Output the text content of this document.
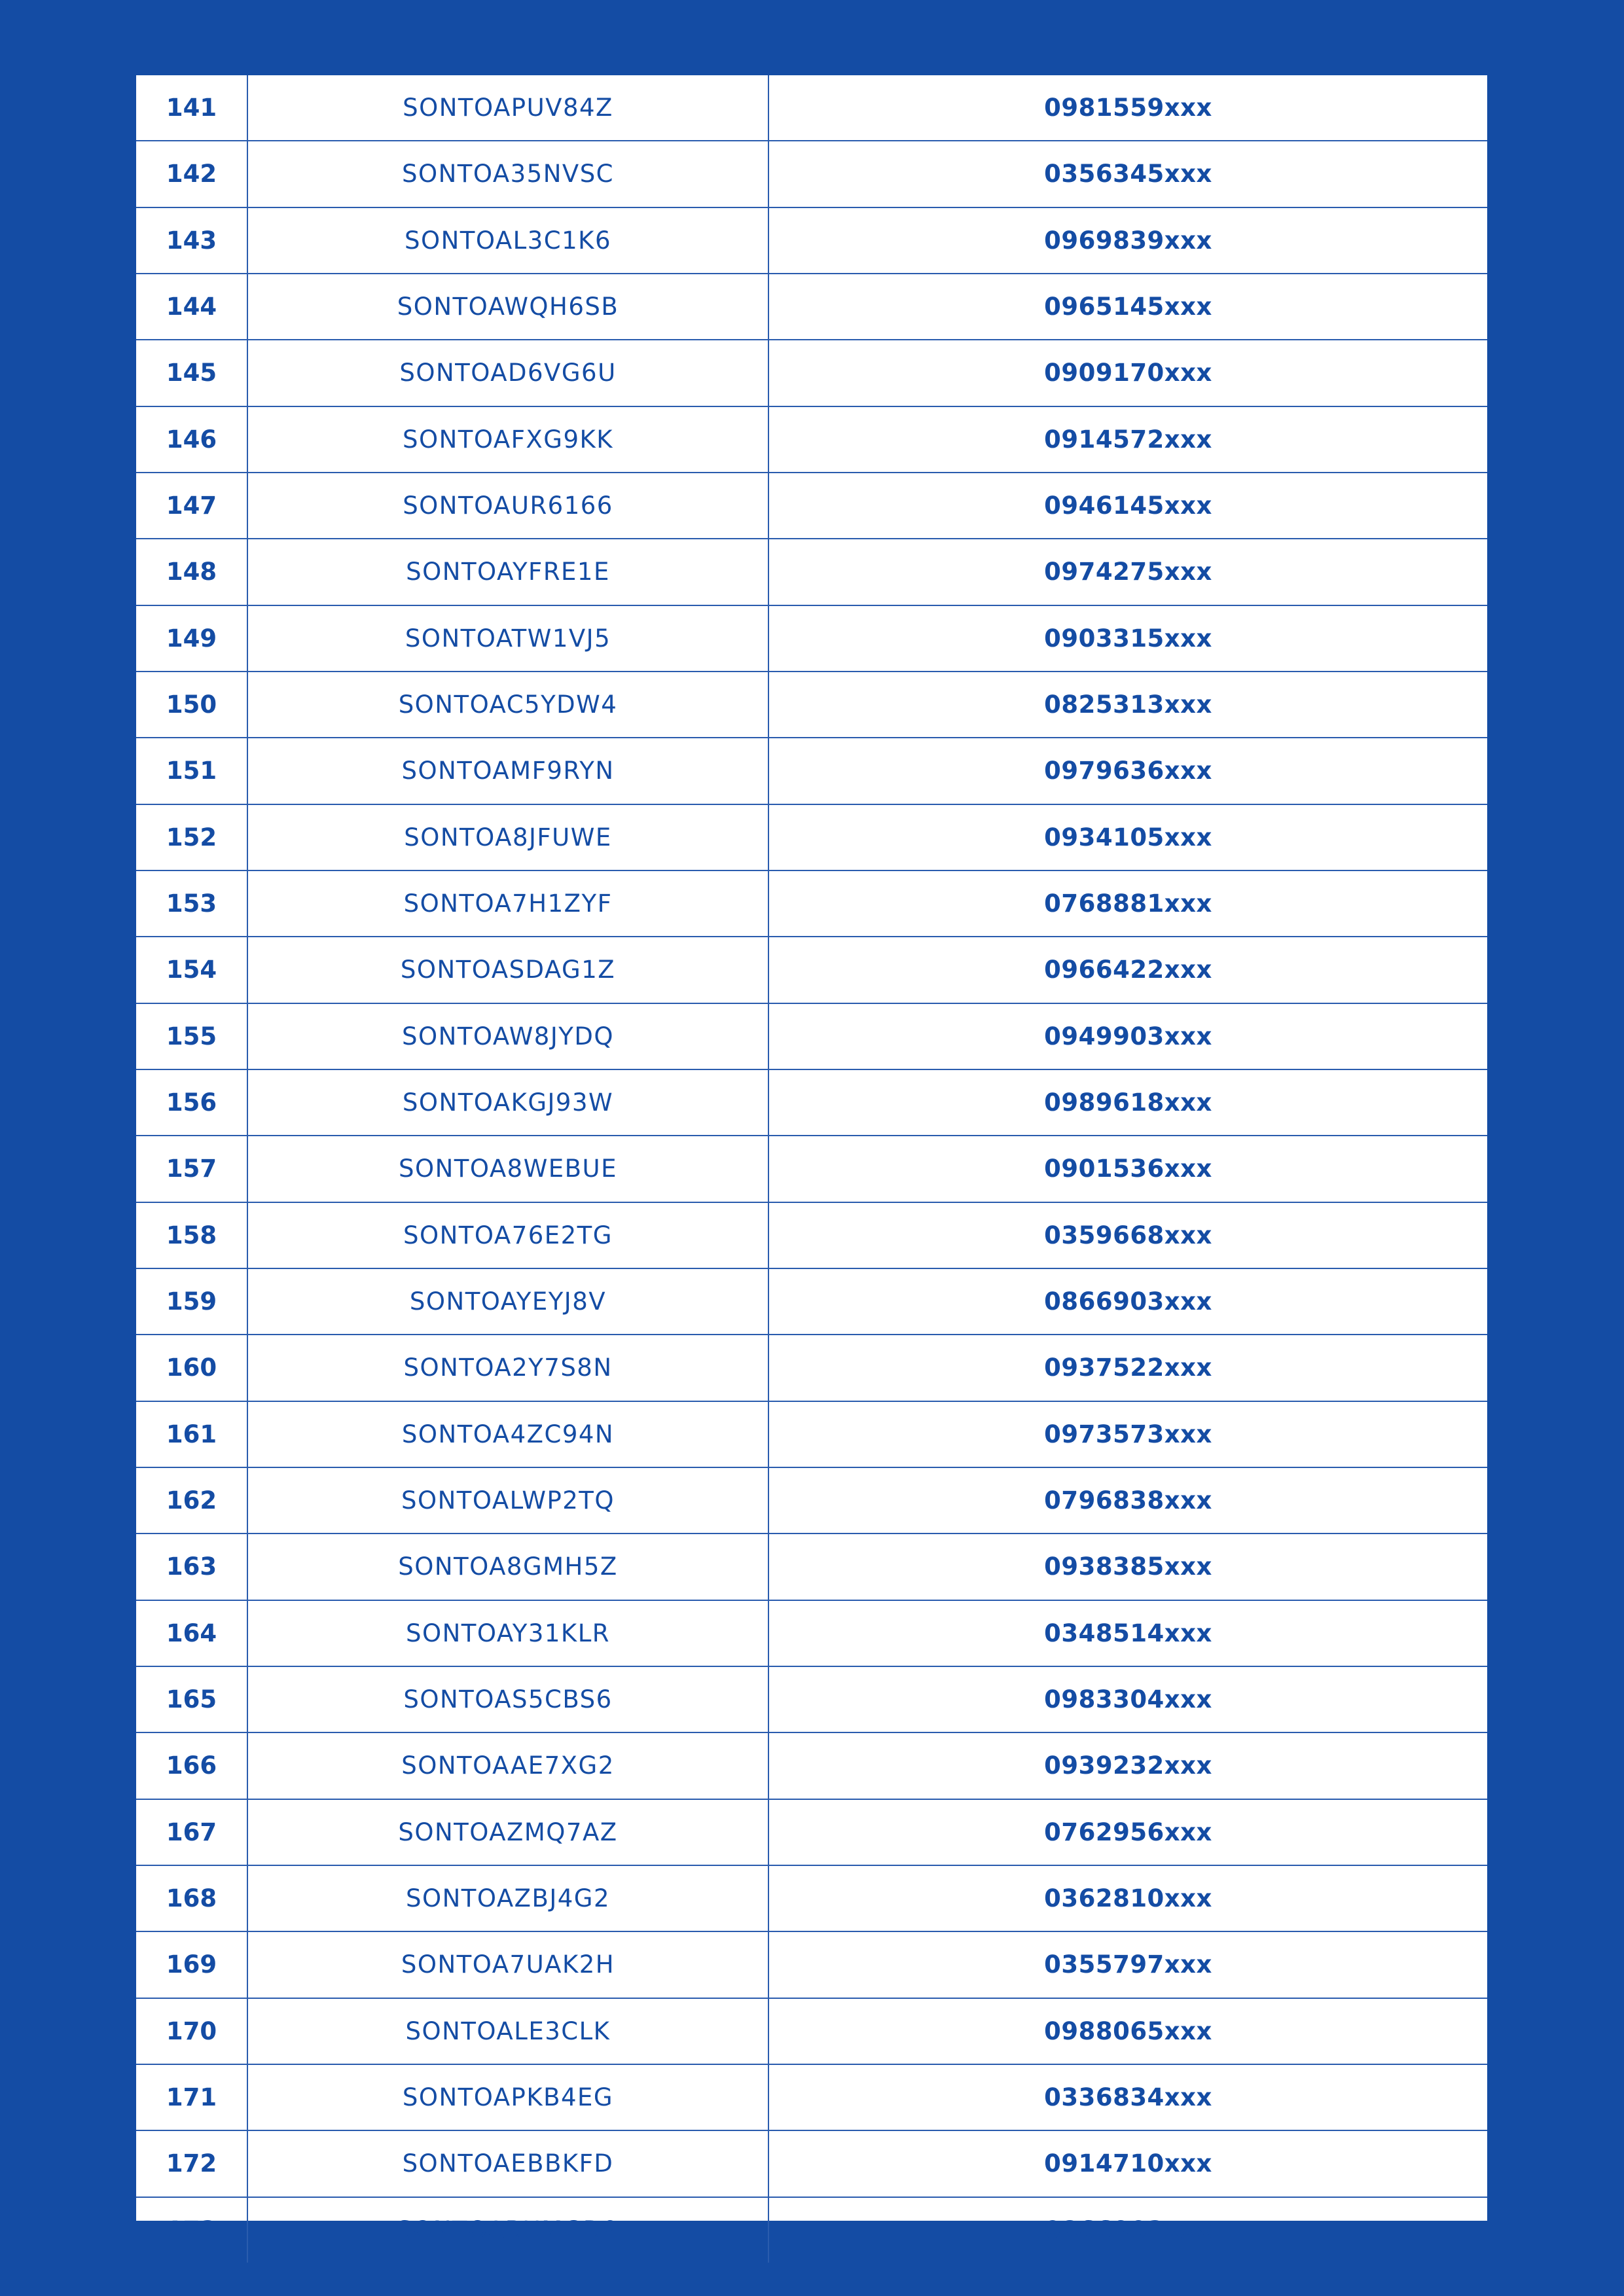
141	SONTOAPUV84Z	0981559xxx
142	SONTOA35NVSC	0356345xxx
143	SONTOAL3C1K6	0969839xxx
144	SONTOAWQH6SB	0965145xxx
145	SONTOAD6VG6U	0909170xxx
146	SONTOAFXG9KK	0914572xxx
147	SONTOAUR6166	0946145xxx
148	SONTOAYFRE1E	0974275xxx
149	SONTOATW1VJ5	0903315xxx
150	SONTOAC5YDW4	0825313xxx
151	SONTOAMF9RYN	0979636xxx
152	SONTOA8JFUWE	0934105xxx
153	SONTOA7H1ZYF	0768881xxx
154	SONTOASDAG1Z	0966422xxx
155	SONTOAW8JYDQ	0949903xxx
156	SONTOAKGJ93W	0989618xxx
157	SONTOA8WEBUE	0901536xxx
158	SONTOA76E2TG	0359668xxx
159	SONTOAYEYJ8V	0866903xxx
160	SONTOA2Y7S8N	0937522xxx
161	SONTOA4ZC94N	0973573xxx
162	SONTOALWP2TQ	0796838xxx
163	SONTOA8GMH5Z	0938385xxx
164	SONTOAY31KLR	0348514xxx
165	SONTOAS5CBS6	0983304xxx
166	SONTOAAE7XG2	0939232xxx
167	SONTOAZMQ7AZ	0762956xxx
168	SONTOAZBJ4G2	0362810xxx
169	SONTOA7UAK2H	0355797xxx
170	SONTOALE3CLK	0988065xxx
171	SONTOAPKB4EG	0336834xxx
172	SONTOAEBBKFD	0914710xxx
173	SONTOABUMGD9	0866903xxx
